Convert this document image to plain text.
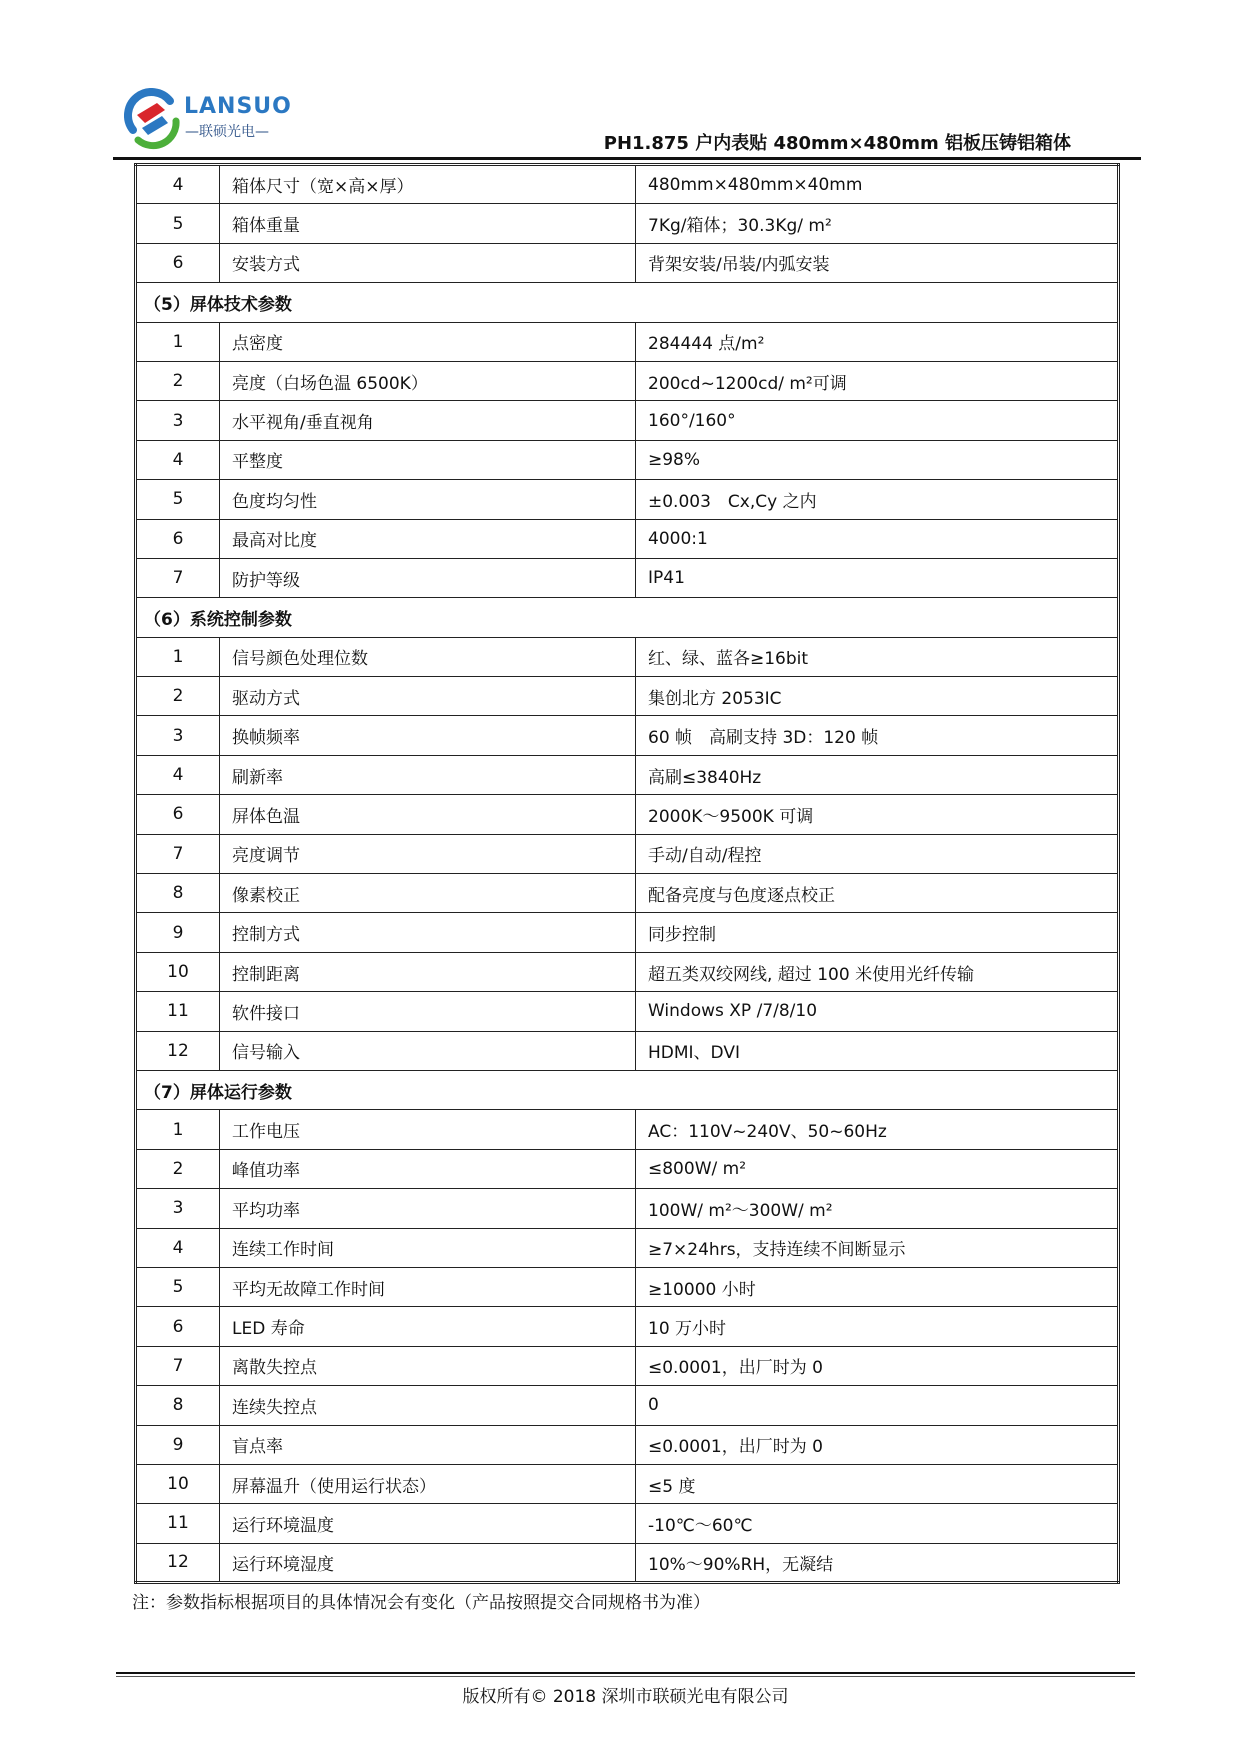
LANSUO
—联硕光电—
PH1.875 户内表贴 480mm×480mm 铝板压铸铝箱体
4	箱体尺寸（宽×高×厚）	480mm×480mm×40mm
5	箱体重量	7Kg/箱体；30.3Kg/ m²
6	安装方式	背架安装/吊装/内弧安装
（5）屏体技术参数		
1	点密度	284444 点/m²
2	亮度（白场色温 6500K）	200cd~1200cd/ m²可调
3	水平视角/垂直视角	160°/160°
4	平整度	≥98%
5	色度均匀性	±0.003　Cx,Cy 之内
6	最高对比度	4000:1
7	防护等级	IP41
（6）系统控制参数		
1	信号颜色处理位数	红、绿、蓝各≥16bit
2	驱动方式	集创北方 2053IC
3	换帧频率	60 帧　高刷支持 3D：120 帧
4	刷新率	高刷≤3840Hz
6	屏体色温	2000K～9500K 可调
7	亮度调节	手动/自动/程控
8	像素校正	配备亮度与色度逐点校正
9	控制方式	同步控制
10	控制距离	超五类双绞网线, 超过 100 米使用光纤传输
11	软件接口	Windows XP /7/8/10
12	信号输入	HDMI、DVI
（7）屏体运行参数		
1	工作电压	AC：110V~240V、50~60Hz
2	峰值功率	≤800W/ m²
3	平均功率	100W/ m²～300W/ m²
4	连续工作时间	≥7×24hrs，支持连续不间断显示
5	平均无故障工作时间	≥10000 小时
6	LED 寿命	10 万小时
7	离散失控点	≤0.0001，出厂时为 0
8	连续失控点	0
9	盲点率	≤0.0001，出厂时为 0
10	屏幕温升（使用运行状态）	≤5 度
11	运行环境温度	-10℃～60℃
12	运行环境湿度	10%～90%RH，无凝结
注：参数指标根据项目的具体情况会有变化（产品按照提交合同规格书为准）
版权所有© 2018 深圳市联硕光电有限公司
